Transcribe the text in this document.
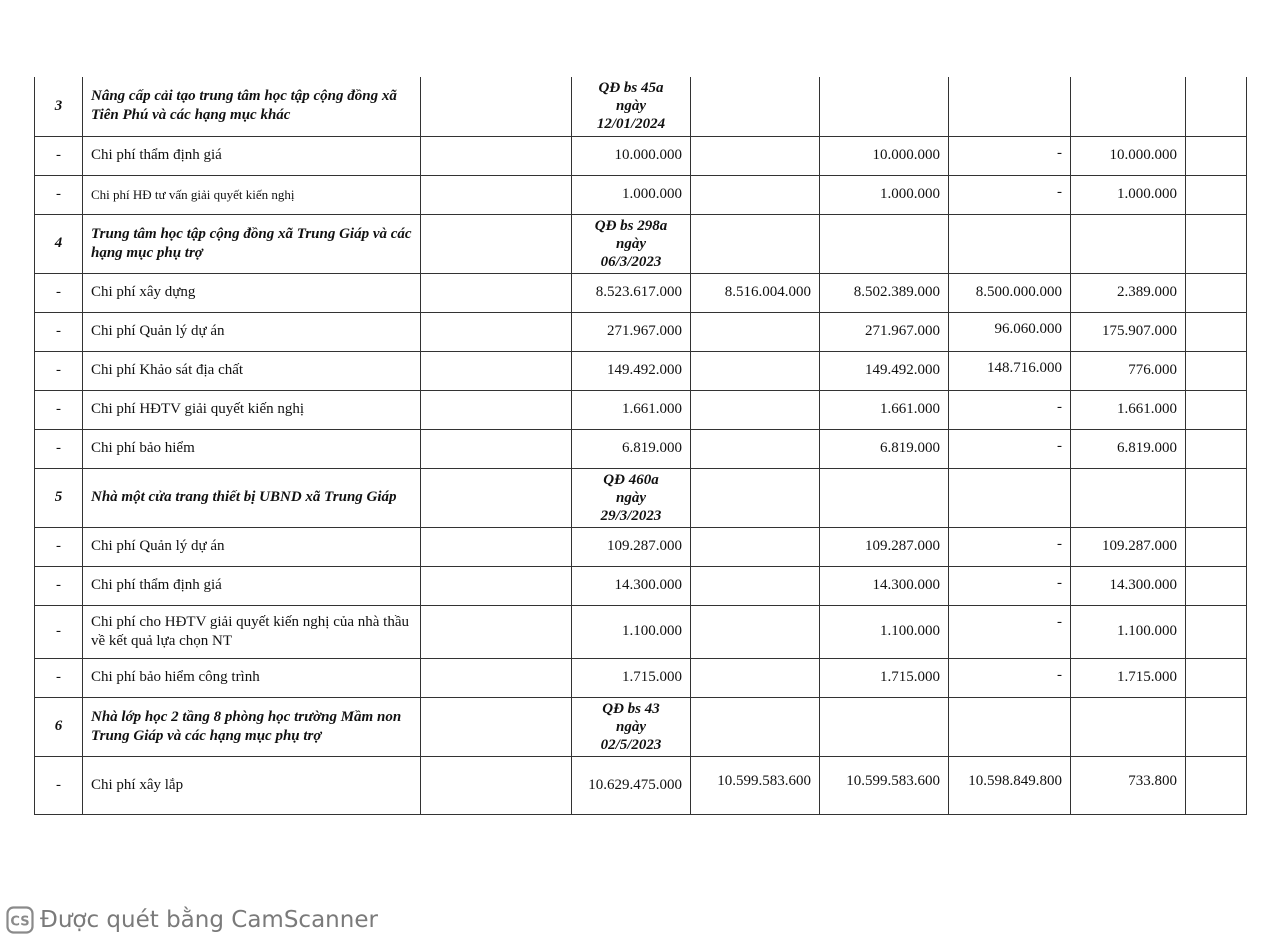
3	Nâng cấp cải tạo trung tâm học tập cộng đồng xã Tiên Phú và các hạng mục khác		QĐ bs 45a
ngày
12/01/2024					

-	Chi phí thẩm định giá		10.000.000		10.000.000	-	10.000.000	
-	Chi phí HĐ tư vấn giải quyết kiến nghị		1.000.000		1.000.000	-	1.000.000	
4	Trung tâm học tập cộng đồng xã Trung Giáp và các hạng mục phụ trợ		QĐ bs 298a
ngày
06/3/2023					

-	Chi phí xây dựng		8.523.617.000	8.516.004.000	8.502.389.000	8.500.000.000	2.389.000	
-	Chi phí Quản lý dự án		271.967.000		271.967.000	96.060.000	175.907.000	
-	Chi phí Khảo sát địa chất		149.492.000		149.492.000	148.716.000	776.000	
-	Chi phí HĐTV giải quyết kiến nghị		1.661.000		1.661.000	-	1.661.000	
-	Chi phí bảo hiểm		6.819.000		6.819.000	-	6.819.000	
5	Nhà một cửa trang thiết bị UBND xã Trung Giáp		QĐ 460a
ngày
29/3/2023					

-	Chi phí Quản lý dự án		109.287.000		109.287.000	-	109.287.000	
-	Chi phí thẩm định giá		14.300.000		14.300.000	-	14.300.000	
-	Chi phí cho HĐTV giải quyết kiến nghị của nhà thầu về kết quả lựa chọn NT		1.100.000		1.100.000	-	1.100.000	
-	Chi phí bảo hiểm công trình		1.715.000		1.715.000	-	1.715.000	
6	Nhà lớp học 2 tầng 8 phòng học trường Mầm non Trung Giáp và các hạng mục phụ trợ		QĐ bs 43
ngày
02/5/2023					

-	Chi phí xây lắp		10.629.475.000	10.599.583.600	10.599.583.600	10.598.849.800	733.800	
CS Được quét bằng CamScanner
